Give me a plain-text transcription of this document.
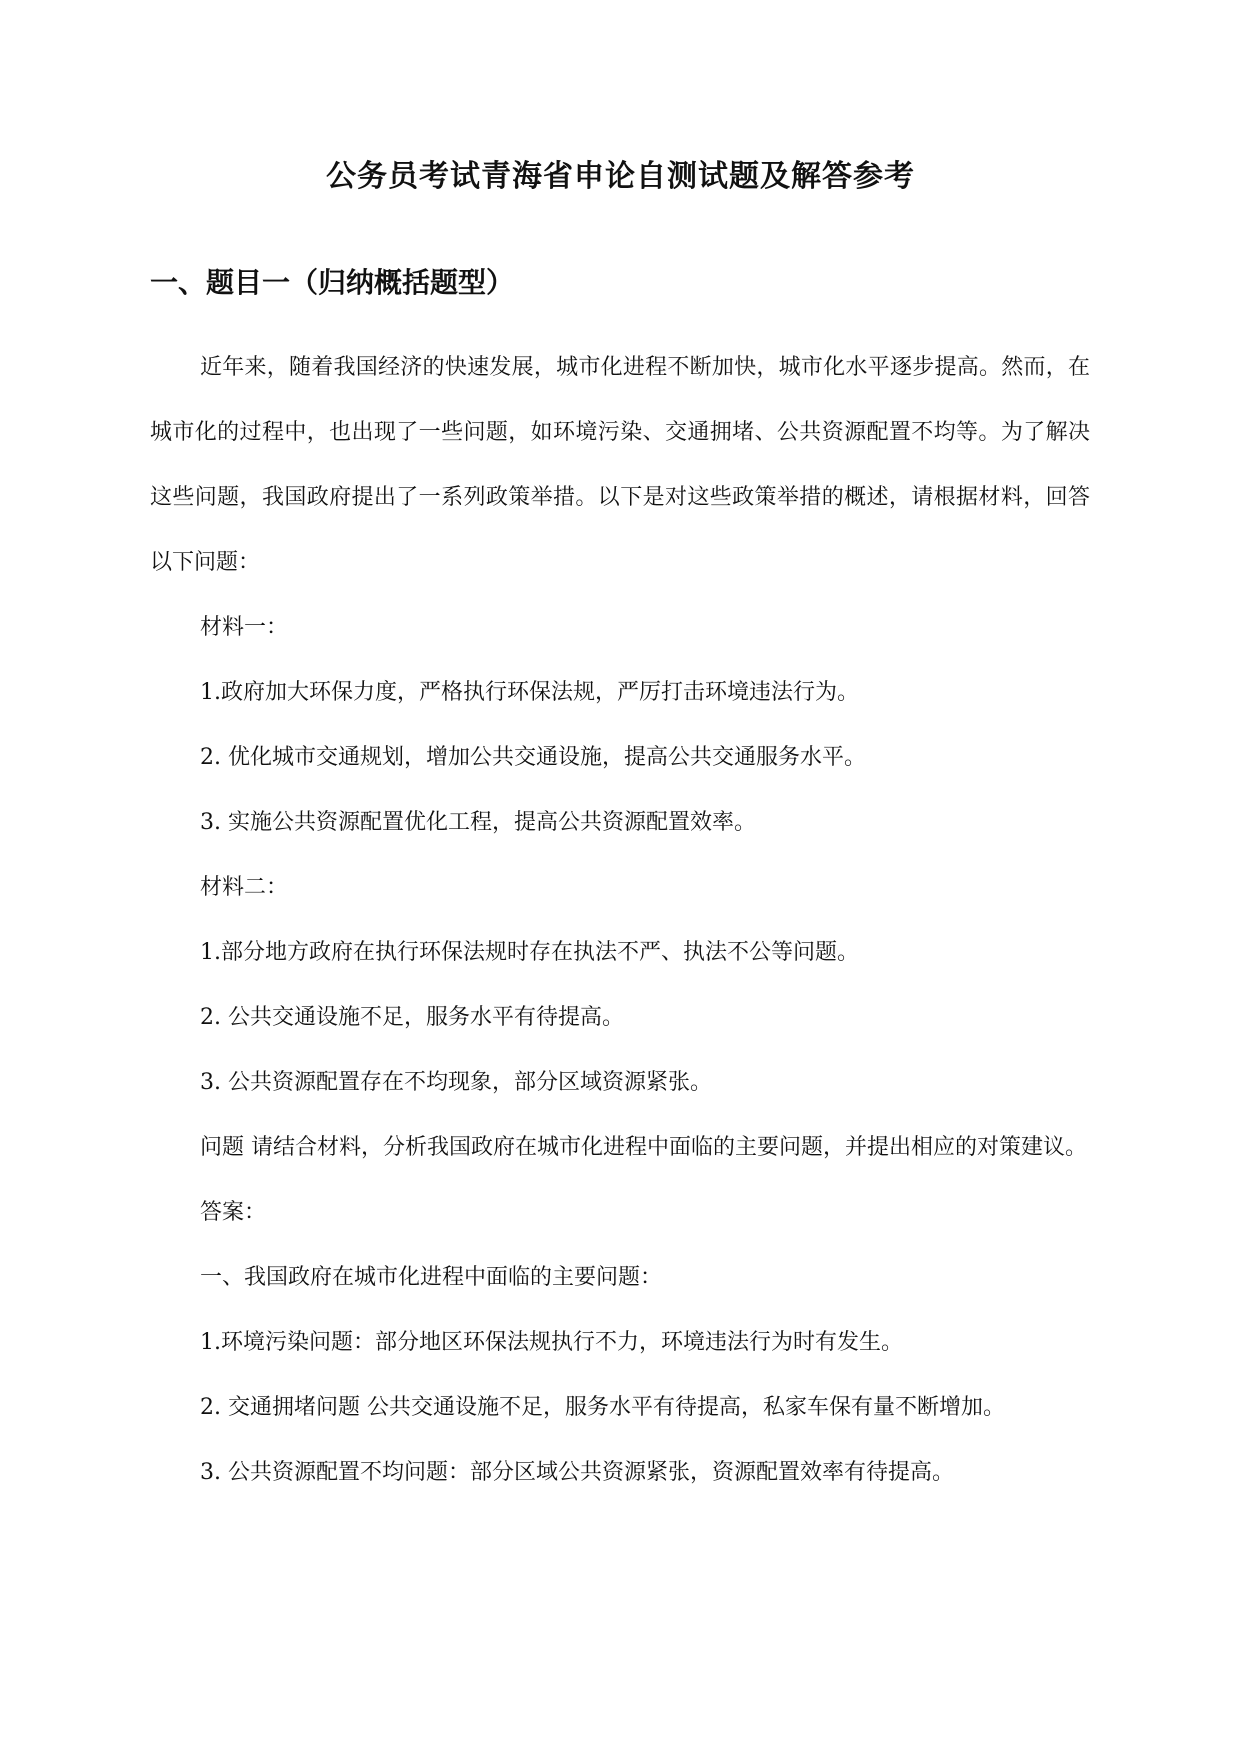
公务员考试青海省申论自测试题及解答参考
一、题目一（归纳概括题型）

近年来，随着我国经济的快速发展，城市化进程不断加快，城市化水平逐步提高。然而，在城市化的过程中，也出现了一些问题，如环境污染、交通拥堵、公共资源配置不均等。为了解决这些问题，我国政府提出了一系列政策举措。以下是对这些政策举措的概述，请根据材料，回答以下问题：

材料一：

1.政府加大环保力度，严格执行环保法规，严厉打击环境违法行为。

2. 优化城市交通规划，增加公共交通设施，提高公共交通服务水平。

3. 实施公共资源配置优化工程，提高公共资源配置效率。

材料二：

1.部分地方政府在执行环保法规时存在执法不严、执法不公等问题。

2. 公共交通设施不足，服务水平有待提高。

3. 公共资源配置存在不均现象，部分区域资源紧张。

问题 请结合材料，分析我国政府在城市化进程中面临的主要问题，并提出相应的对策建议。

答案：

一、我国政府在城市化进程中面临的主要问题：

1.环境污染问题：部分地区环保法规执行不力，环境违法行为时有发生。

2. 交通拥堵问题 公共交通设施不足，服务水平有待提高，私家车保有量不断增加。

3. 公共资源配置不均问题：部分区域公共资源紧张，资源配置效率有待提高。
